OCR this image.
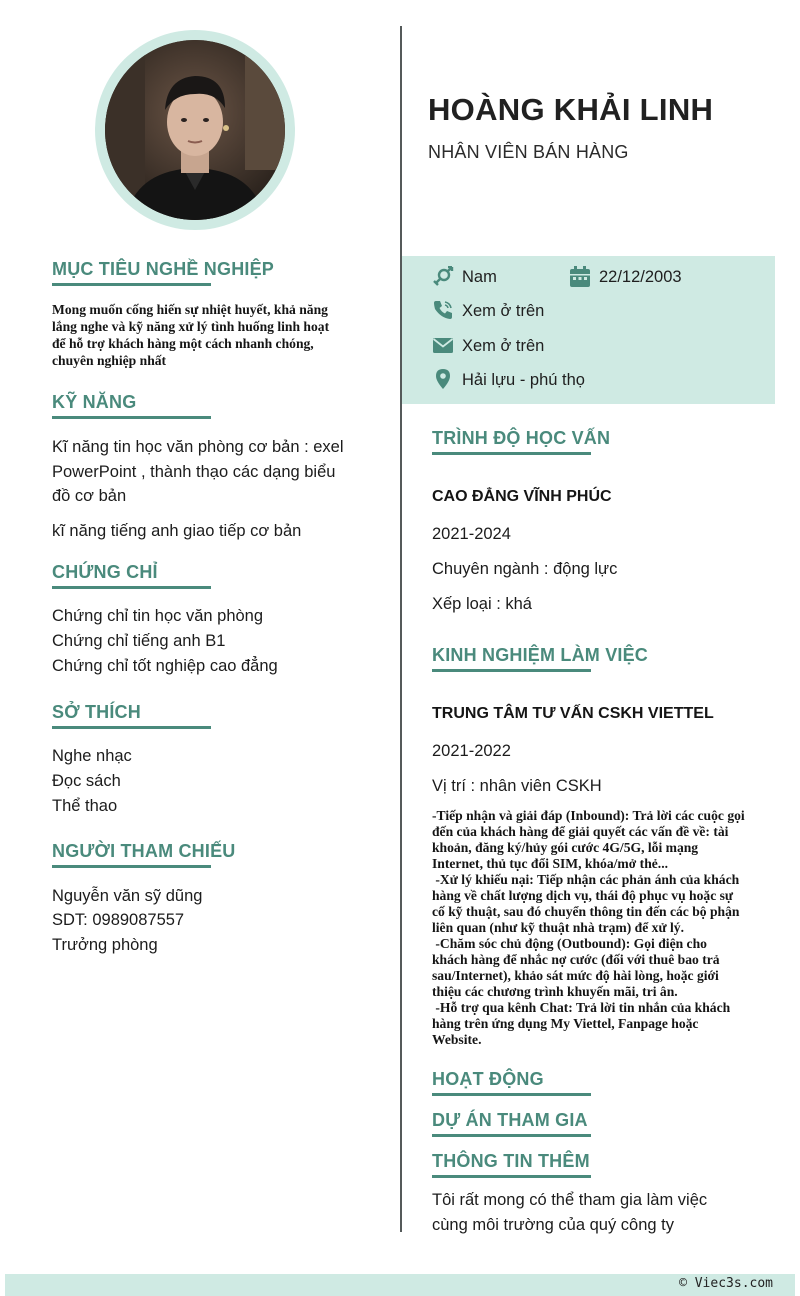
HOÀNG KHẢI LINH
NHÂN VIÊN BÁN HÀNG
Nam	22/12/2003
Xem ở trên
Xem ở trên
Hải lựu - phú thọ
MỤC TIÊU NGHỀ NGHIỆP
Mong muốn cống hiến sự nhiệt huyết, khả năng
lắng nghe và kỹ năng xử lý tình huống linh hoạt
để hỗ trợ khách hàng một cách nhanh chóng,
chuyên nghiệp nhất
KỸ NĂNG
Kĩ năng tin học văn phòng cơ bản : exel
PowerPoint , thành thạo các dạng biểu
đồ cơ bản
kĩ năng tiếng anh giao tiếp cơ bản
CHỨNG CHỈ
Chứng chỉ tin học văn phòng
Chứng chỉ tiếng anh B1
Chứng chỉ tốt nghiệp cao đẳng
SỞ THÍCH
Nghe nhạc
Đọc sách
Thể thao
NGƯỜI THAM CHIẾU
Nguyễn văn sỹ dũng
SDT: 0989087557
Trưởng phòng
TRÌNH ĐỘ HỌC VẤN
CAO ĐẲNG VĨNH PHÚC
2021-2024
Chuyên ngành : động lực
Xếp loại : khá
KINH NGHIỆM LÀM VIỆC
TRUNG TÂM TƯ VẤN CSKH VIETTEL
2021-2022
Vị trí : nhân viên CSKH
-Tiếp nhận và giải đáp (Inbound): Trả lời các cuộc gọi
đến của khách hàng để giải quyết các vấn đề về: tài
khoản, đăng ký/hủy gói cước 4G/5G, lỗi mạng
Internet, thủ tục đổi SIM, khóa/mở thẻ...
-Xử lý khiếu nại: Tiếp nhận các phản ánh của khách
hàng về chất lượng dịch vụ, thái độ phục vụ hoặc sự
cố kỹ thuật, sau đó chuyển thông tin đến các bộ phận
liên quan (như kỹ thuật nhà trạm) để xử lý.
-Chăm sóc chủ động (Outbound): Gọi điện cho
khách hàng để nhắc nợ cước (đối với thuê bao trả
sau/Internet), khảo sát mức độ hài lòng, hoặc giới
thiệu các chương trình khuyến mãi, tri ân.
-Hỗ trợ qua kênh Chat: Trả lời tin nhắn của khách
hàng trên ứng dụng My Viettel, Fanpage hoặc
Website.
HOẠT ĐỘNG
DỰ ÁN THAM GIA
THÔNG TIN THÊM
Tôi rất mong có thể tham gia làm việc
cùng môi trường của quý công ty
© Viec3s.com
